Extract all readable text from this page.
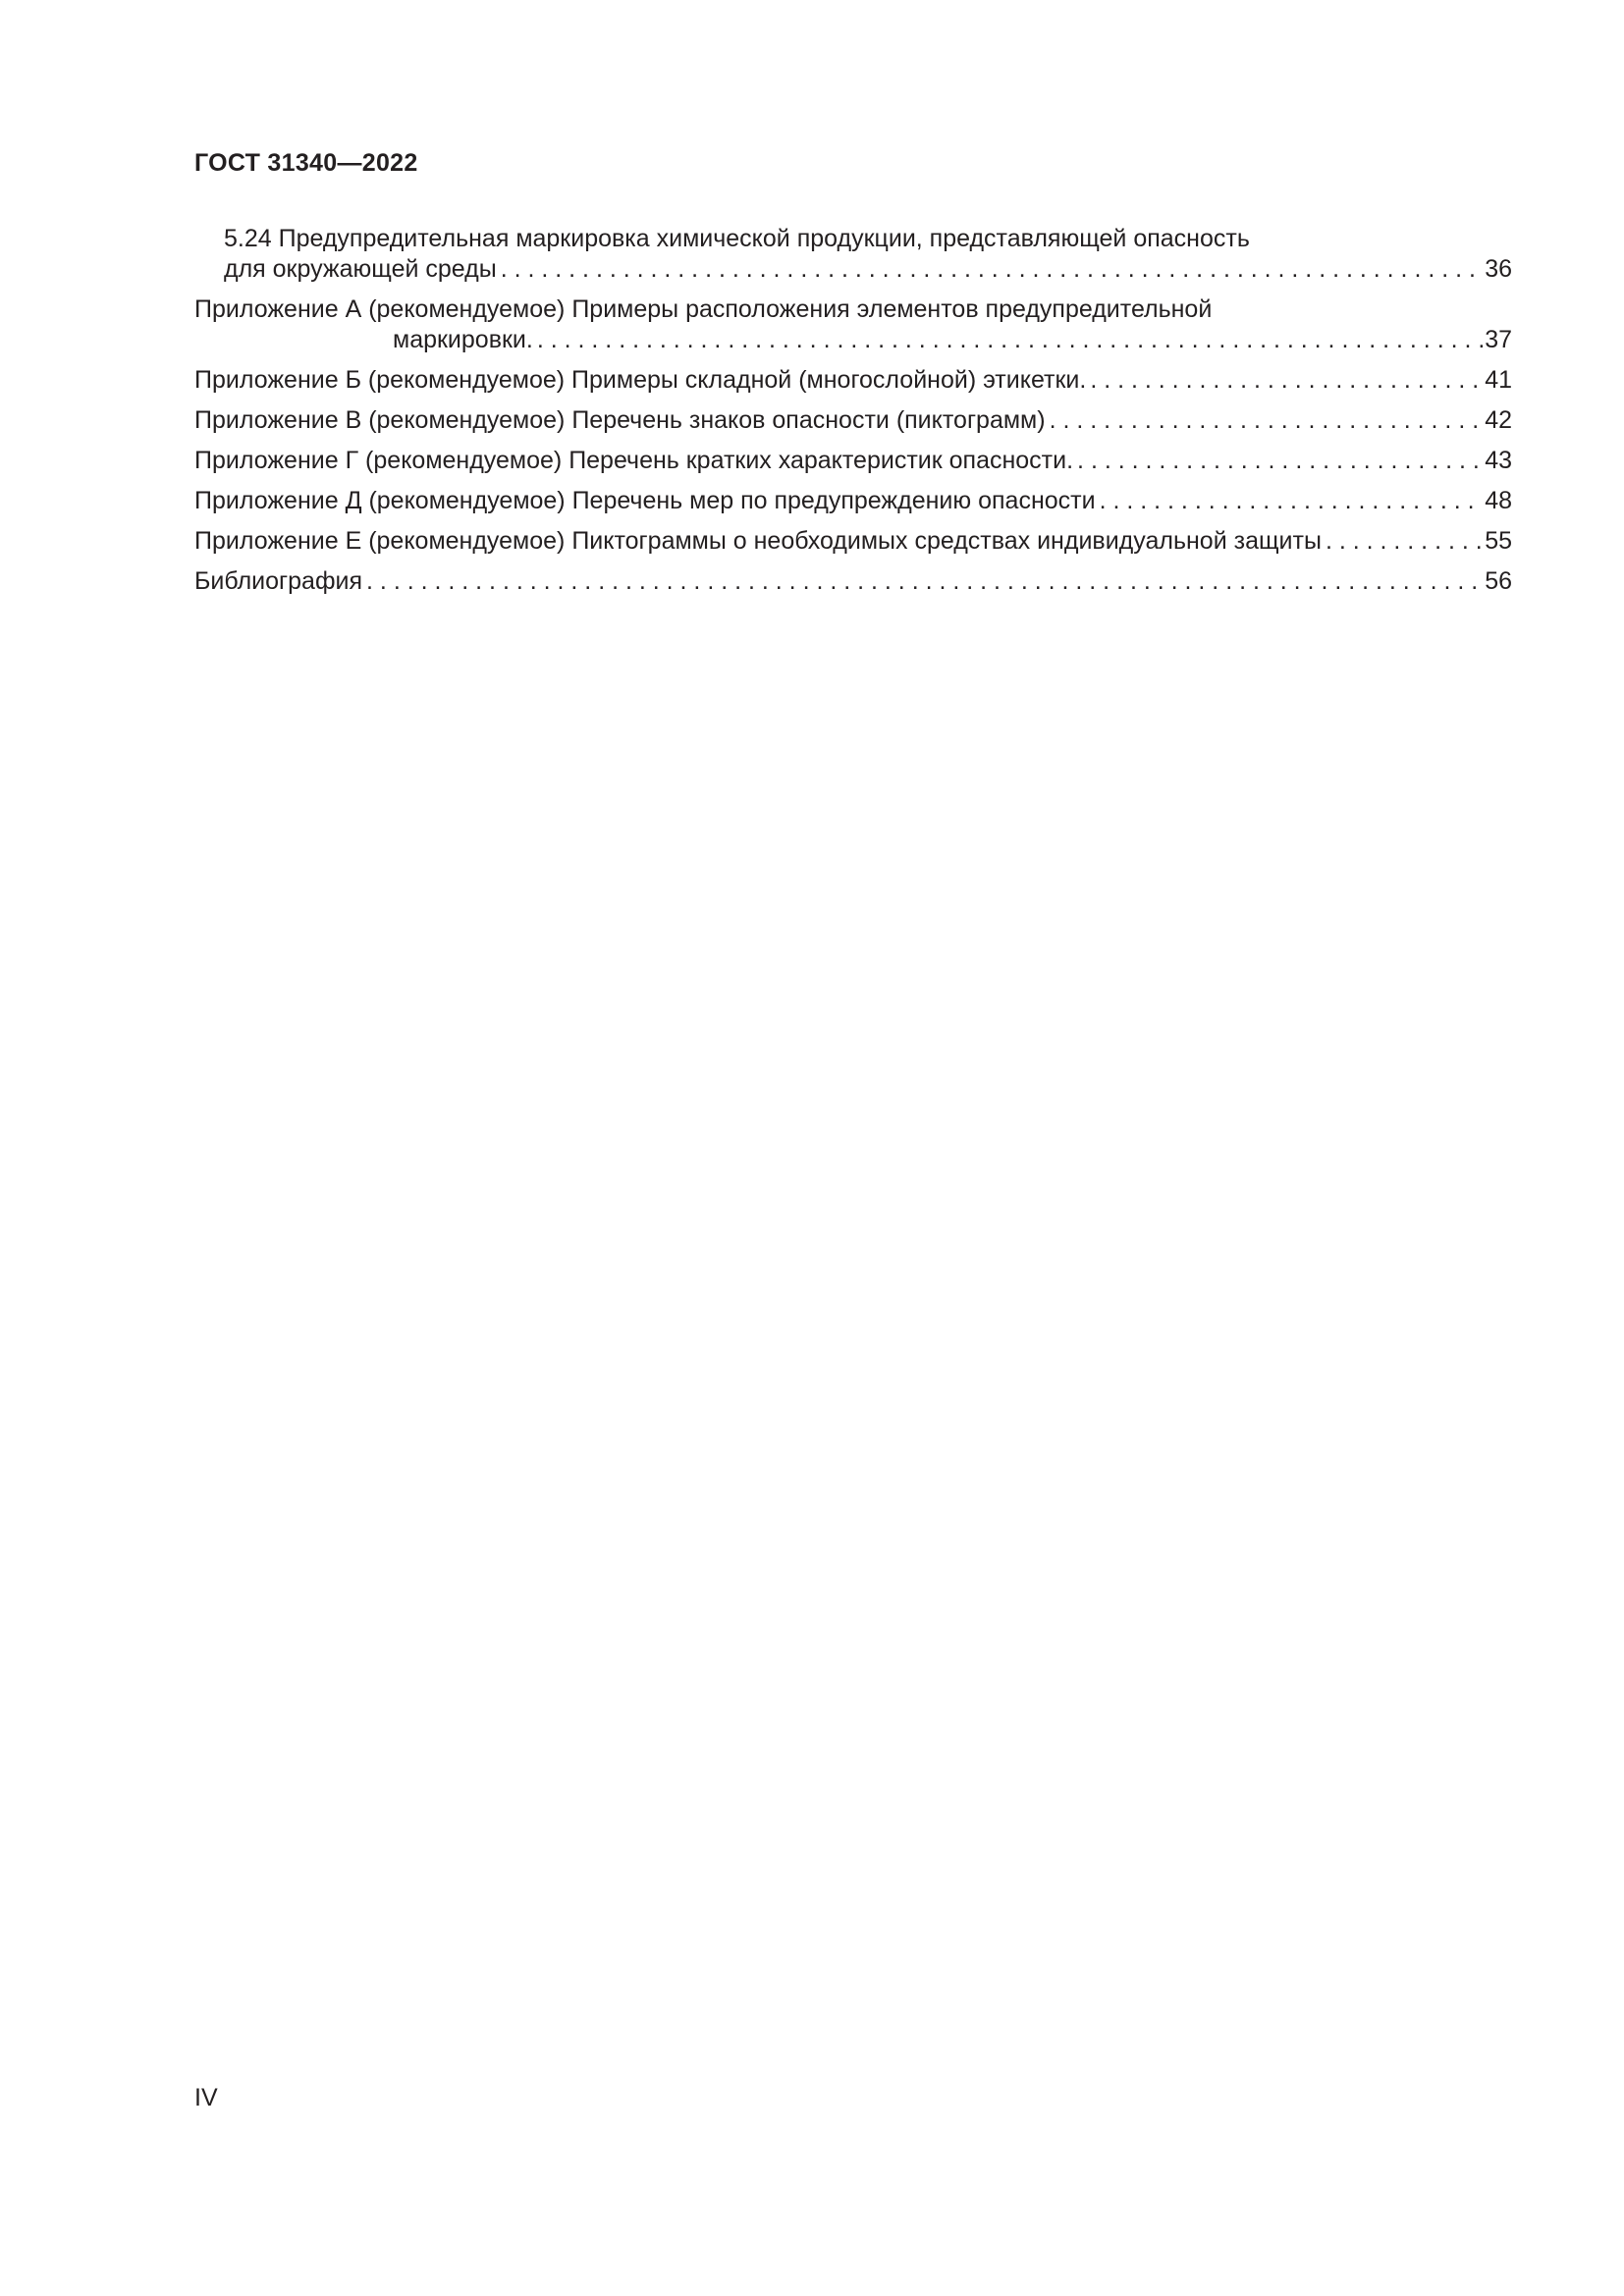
ГОСТ 31340—2022
5.24 Предупредительная маркировка химической продукции, представляющей опасность
для окружающей среды . . .	36
Приложение А (рекомендуемое) Примеры расположения элементов предупредительной
маркировки. . . .	37
Приложение Б (рекомендуемое) Примеры складной (многослойной) этикетки. . . .	41
Приложение В (рекомендуемое) Перечень знаков опасности (пиктограмм) . . .	42
Приложение Г (рекомендуемое) Перечень кратких характеристик опасности. . . .	43
Приложение Д (рекомендуемое) Перечень мер по предупреждению опасности . . .	48
Приложение Е (рекомендуемое) Пиктограммы о необходимых средствах индивидуальной защиты . . .	55
Библиография . . .	56
IV
